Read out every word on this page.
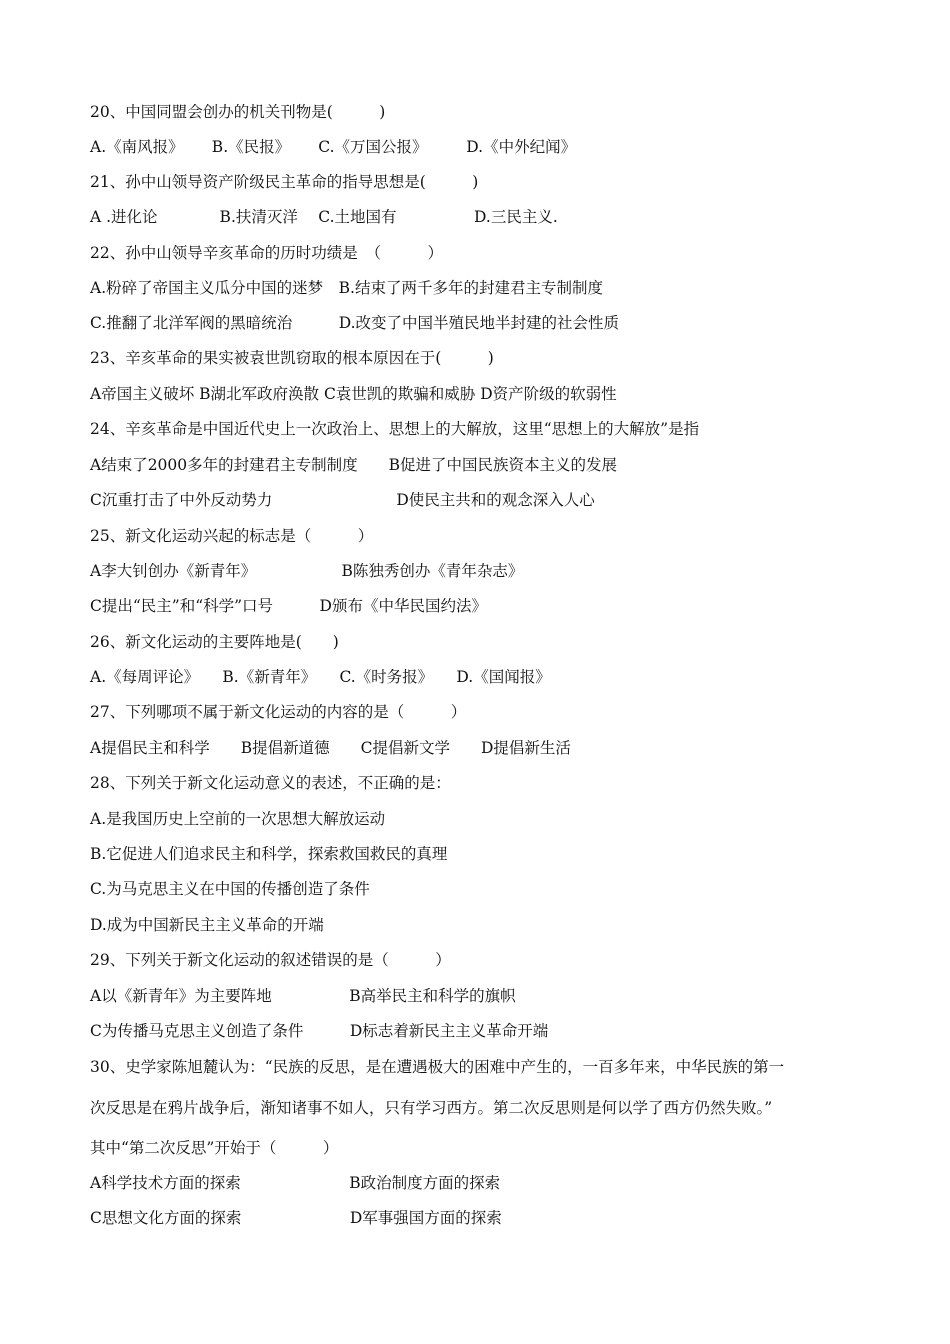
20、中国同盟会创办的机关刊物是(　　　)
A.《南风报》　　 B.《民报》　　 C.《万国公报》　　　D.《中外纪闻》
21、孙中山领导资产阶级民主革命的指导思想是(　　　)
A .进化论　　　　B.扶清灭洋　 C.土地国有　　　　　D.三民主义.
22、孙中山领导辛亥革命的历时功绩是　（　　　）
A.粉碎了帝国主义瓜分中国的迷梦　B.结束了两千多年的封建君主专制制度
C.推翻了北洋军阀的黑暗统治　　　D.改变了中国半殖民地半封建的社会性质
23、辛亥革命的果实被袁世凯窃取的根本原因在于(　　　)
A帝国主义破坏 B湖北军政府涣散 C袁世凯的欺骗和威胁 D资产阶级的软弱性
24、辛亥革命是中国近代史上一次政治上、思想上的大解放，这里“思想上的大解放”是指
A结束了2000多年的封建君主专制制度　　B促进了中国民族资本主义的发展
C沉重打击了中外反动势力　　　　　　　　D使民主共和的观念深入人心
25、新文化运动兴起的标志是（　　　）
A李大钊创办《新青年》　　　　　　B陈独秀创办《青年杂志》
C提出“民主”和“科学”口号　　　D颁布《中华民国约法》
26、新文化运动的主要阵地是(　　)
A.《每周评论》　　B.《新青年》　　C.《时务报》　　D.《国闻报》
27、下列哪项不属于新文化运动的内容的是（　　　）
A提倡民主和科学　　B提倡新道德　　C提倡新文学　　D提倡新生活
28、下列关于新文化运动意义的表述，不正确的是：
A.是我国历史上空前的一次思想大解放运动
B.它促进人们追求民主和科学，探索救国救民的真理
C.为马克思主义在中国的传播创造了条件
D.成为中国新民主主义革命的开端
29、下列关于新文化运动的叙述错误的是（　　　）
A以《新青年》为主要阵地　　　　　B高举民主和科学的旗帜
C为传播马克思主义创造了条件　　　D标志着新民主主义革命开端
30、史学家陈旭麓认为：“民族的反思，是在遭遇极大的困难中产生的，一百多年来，中华民族的第一
次反思是在鸦片战争后，渐知诸事不如人，只有学习西方。第二次反思则是何以学了西方仍然失败。”
其中“第二次反思”开始于（　　　）
A科学技术方面的探索　　　　　　　B政治制度方面的探索
C思想文化方面的探索　　　　　　　D军事强国方面的探索
